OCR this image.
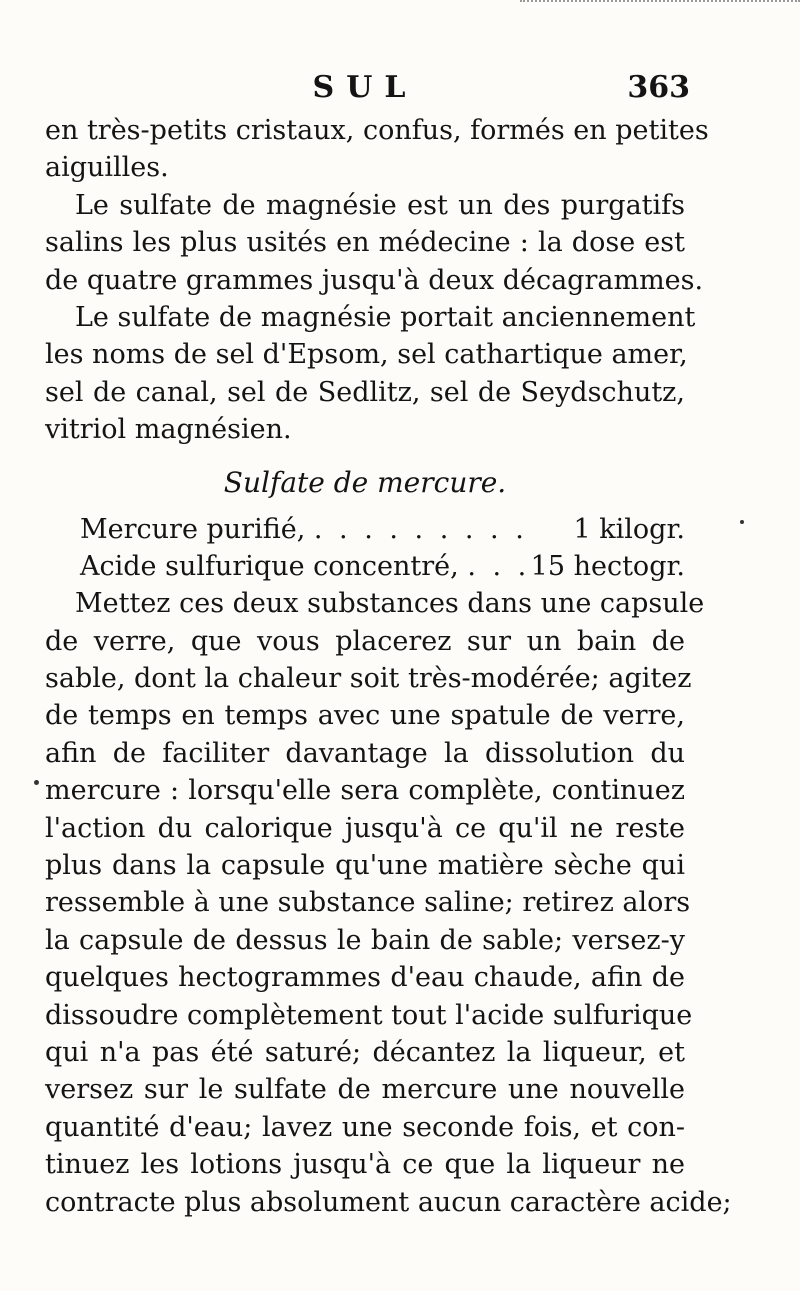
SUL	363
en très-petits cristaux, confus, formés en petites
aiguilles.
Le sulfate de magnésie est un des purgatifs
salins les plus usités en médecine : la dose est
de quatre grammes jusqu'à deux décagrammes.
Le sulfate de magnésie portait anciennement
les noms de sel d'Epsom, sel cathartique amer,
sel de canal, sel de Sedlitz, sel de Seydschutz,
vitriol magnésien.
Sulfate de mercure.
Mercure purifié, . . . . . . . . . 1 kilogr.
Acide sulfurique concentré, . . . 15 hectogr.
Mettez ces deux substances dans une capsule
de verre, que vous placerez sur un bain de
sable, dont la chaleur soit très-modérée; agitez
de temps en temps avec une spatule de verre,
afin de faciliter davantage la dissolution du
mercure : lorsqu'elle sera complète, continuez
l'action du calorique jusqu'à ce qu'il ne reste
plus dans la capsule qu'une matière sèche qui
ressemble à une substance saline; retirez alors
la capsule de dessus le bain de sable; versez-y
quelques hectogrammes d'eau chaude, afin de
dissoudre complètement tout l'acide sulfurique
qui n'a pas été saturé; décantez la liqueur, et
versez sur le sulfate de mercure une nouvelle
quantité d'eau; lavez une seconde fois, et con-
tinuez les lotions jusqu'à ce que la liqueur ne
contracte plus absolument aucun caractère acide;
